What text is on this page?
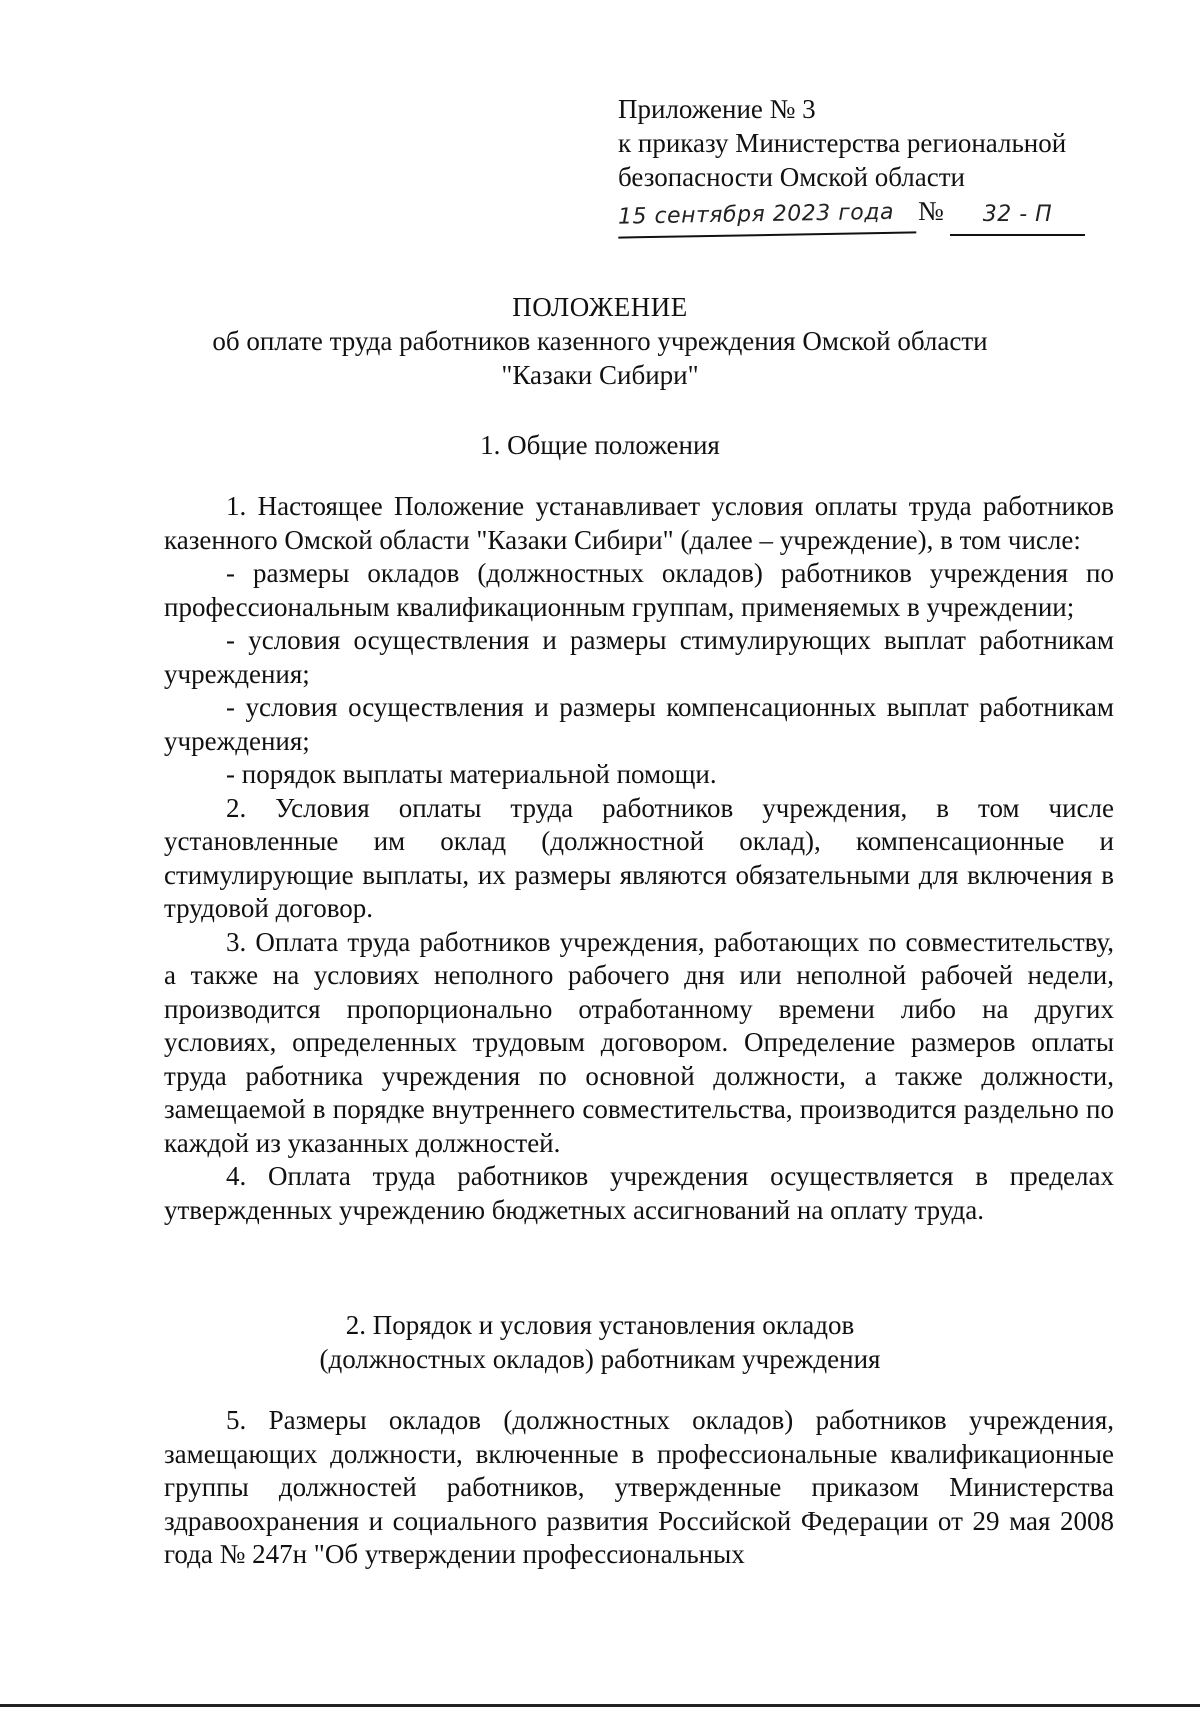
Приложение № 3
к приказу Министерства региональной
безопасности Омской области
15 сентября 2023 года №	32 - П
ПОЛОЖЕНИЕ
об оплате труда работников казенного учреждения Омской области
"Казаки Сибири"
1. Общие положения

1. Настоящее Положение устанавливает условия оплаты труда работников казенного Омской области "Казаки Сибири" (далее – учреждение), в том числе:

- размеры окладов (должностных окладов) работников учреждения по профессиональным квалификационным группам, применяемых в учреждении;

- условия осуществления и размеры стимулирующих выплат работникам учреждения;

- условия осуществления и размеры компенсационных выплат работникам учреждения;

- порядок выплаты материальной помощи.

2. Условия оплаты труда работников учреждения, в том числе установленные им оклад (должностной оклад), компенсационные и стимулирующие выплаты, их размеры являются обязательными для включения в трудовой договор.

3. Оплата труда работников учреждения, работающих по совместительству, а также на условиях неполного рабочего дня или неполной рабочей недели, производится пропорционально отработанному времени либо на других условиях, определенных трудовым договором. Определение размеров оплаты труда работника учреждения по основной должности, а также должности, замещаемой в порядке внутреннего совместительства, производится раздельно по каждой из указанных должностей.

4. Оплата труда работников учреждения осуществляется в пределах утвержденных учреждению бюджетных ассигнований на оплату труда.

2. Порядок и условия установления окладов
(должностных окладов) работникам учреждения

5. Размеры окладов (должностных окладов) работников учреждения, замещающих должности, включенные в профессиональные квалификационные группы должностей работников, утвержденные приказом Министерства здравоохранения и социального развития Российской Федерации от 29 мая 2008 года № 247н "Об утверждении профессиональных
